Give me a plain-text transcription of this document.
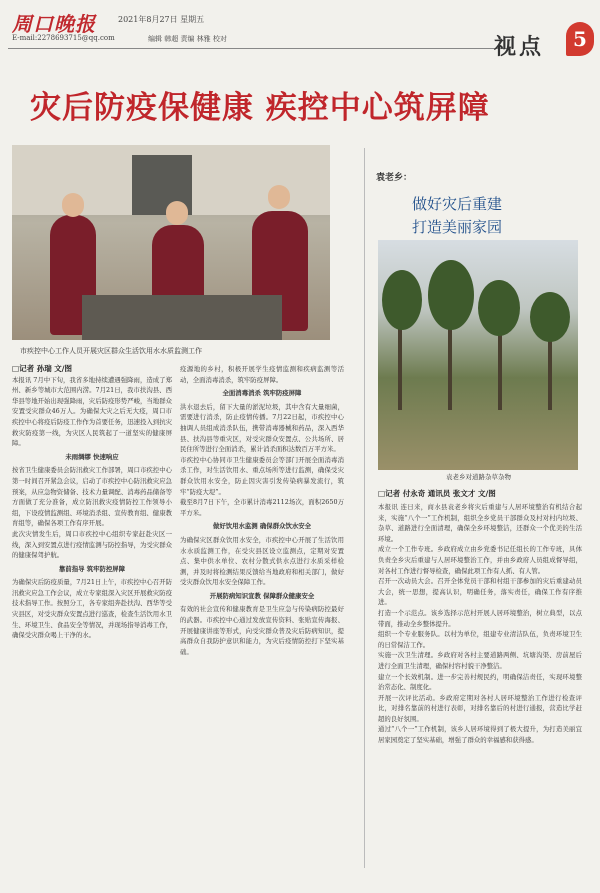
周口晚报	2021年8月27日 星期五
E-mail:2278693715@qq.com	编辑 韩超 责编 林雅 校对	视点	5
灾后防疫保健康 疾控中心筑屏障
市疾控中心工作人员开展灾区群众生活饮用水水质监测工作
□记者 孙瑞 文/图
本报讯 7月中下旬，我省多地持续遭遇强降雨，造成了郑州、新乡等城市大范围内涝。7月21日，我市扶沟县、西华县等地开始出现强降雨，灾后防疫形势严峻，当地群众安置受灾群众46万人。为确保大灾之后无大疫，周口市疾控中心将疫后防疫工作作为首要任务，迅速投入到抗灾救灾防疫第一线，为灾区人民筑起了一道坚实的健康屏障。
未雨绸缪 快速响应
按省卫生健康委员会防汛救灾工作部署，周口市疾控中心第一时间召开紧急会议，启动了市疾控中心防汛救灾应急预案，从应急物资储备、技术力量调配、消毒药品储备等方面做了充分准备，成立防汛救灾疫情防控工作领导小组，下设疫情监测组、环境消杀组、宣传教育组、健康教育组等，确保各项工作有序开展。
此次灾情发生后，周口市疾控中心组织专家赶赴灾区一线，深入到安置点进行疫情监测与防控指导，为受灾群众的健康保驾护航。
靠前指导 筑牢防控屏障
为确保灾后防疫质量，7月21日上午，市疾控中心召开防汛救灾应急工作会议，成立专家组深入灾区开展救灾防疫技术指导工作。按照分工，各专家组奔赴扶沟、西华等受灾县区，对受灾群众安置点进行巡查，检查生活饮用水卫生、环境卫生、食品安全等情况，并现场指导消毒工作，确保受灾群众喝上干净的水。
疫源地的乡村，积极开展学生疫情监测和疾病监测等活动，全面消毒消杀，筑牢防疫屏障。
全面消毒消杀 筑牢防疫屏障
洪水退去后，留下大量的淤泥垃圾，其中含有大量细菌，需要进行消杀，防止疫情传播。7月22日起，市疾控中心抽调人员组成消杀队伍，携带消毒器械和药品，深入西华县、扶沟县等重灾区，对受灾群众安置点、公共场所、居民住所等进行全面消杀，累计消杀面积达数百万平方米。
市疾控中心协同市卫生健康委员会等部门开展全面消毒消杀工作，对生活饮用水、重点场所等进行监测，确保受灾群众饮用水安全，防止因灾害引发传染病暴发流行，筑牢“防疫大堤”。
截至8月7日下午，全市累计消毒2112场次，面积2650万平方米。
做好饮用水监测 确保群众饮水安全
为确保灾区群众饮用水安全，市疾控中心开展了生活饮用水水质监测工作，在受灾县区设立监测点，定期对安置点、集中供水单位、农村分散式供水点进行水质采样检测，并及时将检测结果反馈给当地政府和相关部门，做好受灾群众饮用水安全保障工作。
开展防病知识宣教 保障群众健康安全
有效的社会宣传和健康教育是卫生应急与传染病防控最好的武器。市疾控中心通过发放宣传资料、张贴宣传海报、开展健康讲座等形式，向受灾群众普及灾后防病知识，提高群众自我防护意识和能力，为灾后疫情防控打下坚实基础。
袁老乡：
做好灾后重建
打造美丽家园
袁老乡对道路杂草杂物
□记者 付永奇 通讯员 张文才 文/图
本报讯 连日来，商水县袁老乡将灾后重建与人居环境整治有机结合起来，实施“八个一”工作机制，组织全乡党员干部群众及村对村内垃圾、杂草、道路进行全面清理，确保全乡环境整洁，还群众一个优美的生活环境。
成立一个工作专班。乡政府成立由乡党委书记任组长的工作专班，具体负责全乡灾后重建与人居环境整治工作，并由乡政府人员组成督导组，对各村工作进行督导检查，确保此项工作有人抓、有人管。
召开一次动员大会。召开全体党员干部和村组干部参加的灾后重建动员大会，统一思想，提高认识，明确任务，落实责任，确保工作有序推进。
打造一个示范点。该乡选择示范村开展人居环境整治，树立典型，以点带面，推动全乡整体提升。
组织一个专业服务队。以村为单位，组建专业清洁队伍，负责环境卫生的日常保洁工作。
实施一次卫生清理。乡政府对各村主要道路两侧、坑塘沟渠、房前屋后进行全面卫生清理，确保村容村貌干净整洁。
建立一个长效机制。进一步完善村规民约，明确保洁责任，实现环境整治常态化、制度化。
开展一次评比活动。乡政府定期对各村人居环境整治工作进行检查评比，对排名靠前的村进行表彰，对排名靠后的村进行通报，营造比学赶超的良好氛围。
通过“八个一”工作机制，该乡人居环境得到了极大提升，为打造美丽宜居家园奠定了坚实基础，增强了群众的幸福感和获得感。
